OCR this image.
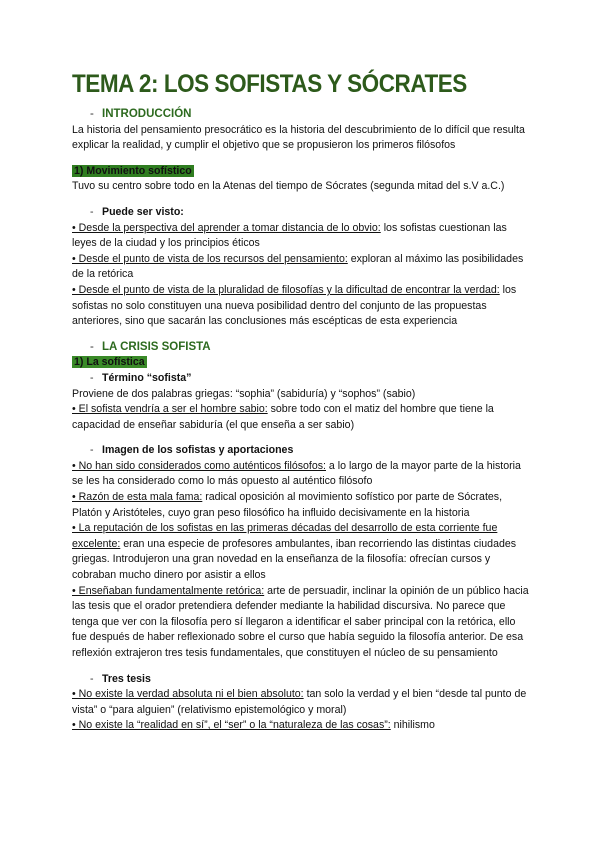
TEMA 2: LOS SOFISTAS Y SÓCRATES

- INTRODUCCIÓN

La historia del pensamiento presocrático es la historia del descubrimiento de lo difícil que resulta explicar la realidad, y cumplir el objetivo que se propusieron los primeros filósofos

1) Movimiento sofístico

Tuvo su centro sobre todo en la Atenas del tiempo de Sócrates (segunda mitad del s.V a.C.)

- Puede ser visto:

• Desde la perspectiva del aprender a tomar distancia de lo obvio: los sofistas cuestionan las leyes de la ciudad y los principios éticos

• Desde el punto de vista de los recursos del pensamiento: exploran al máximo las posibilidades de la retórica

• Desde el punto de vista de la pluralidad de filosofías y la dificultad de encontrar la verdad: los sofistas no solo constituyen una nueva posibilidad dentro del conjunto de las propuestas anteriores, sino que sacarán las conclusiones más escépticas de esta experiencia

- LA CRISIS SOFISTA

1) La sofística

- Término “sofista”

Proviene de dos palabras griegas: “sophia” (sabiduría) y “sophos” (sabio)

• El sofista vendría a ser el hombre sabio: sobre todo con el matiz del hombre que tiene la capacidad de enseñar sabiduría (el que enseña a ser sabio)

- Imagen de los sofistas y aportaciones

• No han sido considerados como auténticos filósofos: a lo largo de la mayor parte de la historia se les ha considerado como lo más opuesto al auténtico filósofo

• Razón de esta mala fama: radical oposición al movimiento sofístico por parte de Sócrates, Platón y Aristóteles, cuyo gran peso filosófico ha influido decisivamente en la historia

• La reputación de los sofistas en las primeras décadas del desarrollo de esta corriente fue excelente: eran una especie de profesores ambulantes, iban recorriendo las distintas ciudades griegas. Introdujeron una gran novedad en la enseñanza de la filosofía: ofrecían cursos y cobraban mucho dinero por asistir a ellos

• Enseñaban fundamentalmente retórica: arte de persuadir, inclinar la opinión de un público hacia las tesis que el orador pretendiera defender mediante la habilidad discursiva. No parece que tenga que ver con la filosofía pero sí llegaron a identificar el saber principal con la retórica, ello fue después de haber reflexionado sobre el curso que había seguido la filosofía anterior. De esa reflexión extrajeron tres tesis fundamentales, que constituyen el núcleo de su pensamiento

- Tres tesis

• No existe la verdad absoluta ni el bien absoluto: tan solo la verdad y el bien “desde tal punto de vista” o “para alguien” (relativismo epistemológico y moral)

• No existe la “realidad en sí”, el “ser” o la “naturaleza de las cosas”: nihilismo
